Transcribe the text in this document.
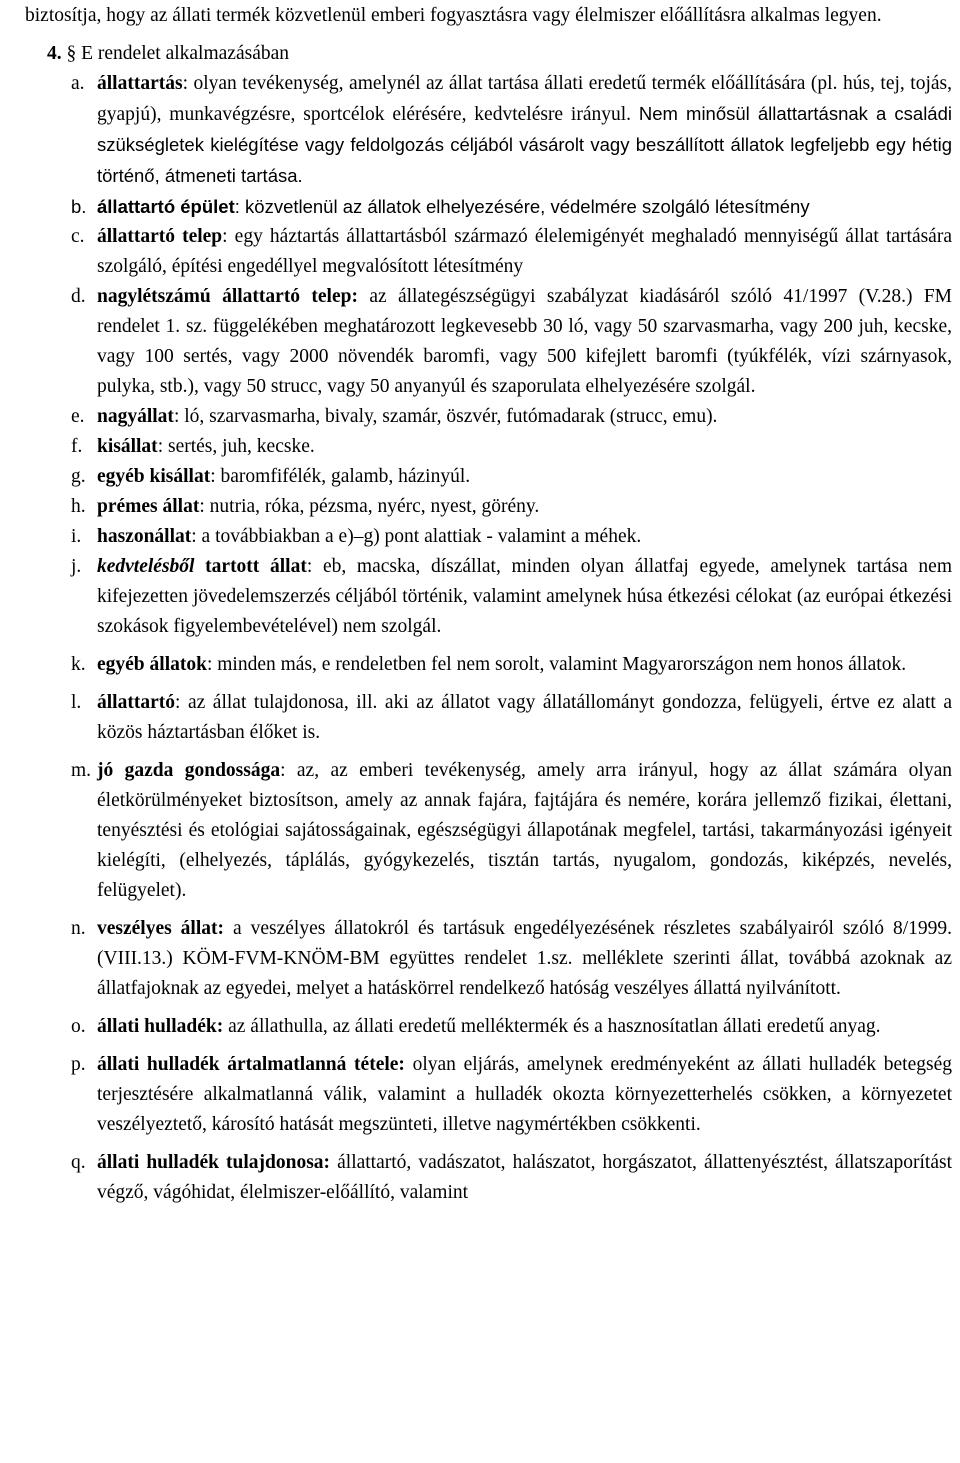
biztosítja, hogy az állati termék közvetlenül emberi fogyasztásra vagy élelmiszer előállításra alkalmas legyen.

4. § E rendelet alkalmazásában

a. állattartás: olyan tevékenység, amelynél az állat tartása állati eredetű termék előállítására (pl. hús, tej, tojás, gyapjú), munkavégzésre, sportcélok elérésére, kedvtelésre irányul. Nem minősül állattartásnak a családi szükségletek kielégítése vagy feldolgozás céljából vásárolt vagy beszállított állatok legfeljebb egy hétig történő, átmeneti tartása.
b. állattartó épület: közvetlenül az állatok elhelyezésére, védelmére szolgáló létesítmény
c. állattartó telep: egy háztartás állattartásból származó élelemigényét meghaladó mennyiségű állat tartására szolgáló, építési engedéllyel megvalósított létesítmény
d. nagylétszámú állattartó telep: az állategészségügyi szabályzat kiadásáról szóló 41/1997 (V.28.) FM rendelet 1. sz. függelékében meghatározott legkevesebb 30 ló, vagy 50 szarvasmarha, vagy 200 juh, kecske, vagy 100 sertés, vagy 2000 növendék baromfi, vagy 500 kifejlett baromfi (tyúkfélék, vízi szárnyasok, pulyka, stb.), vagy 50 strucc, vagy 50 anyanyúl és szaporulata elhelyezésére szolgál.
e. nagyállat: ló, szarvasmarha, bivaly, szamár, öszvér, futómadarak (strucc, emu).
f. kisállat: sertés, juh, kecske.
g. egyéb kisállat: baromfifélék, galamb, házinyúl.
h. prémes állat: nutria, róka, pézsma, nyérc, nyest, görény.
i. haszonállat: a továbbiakban a e)–g) pont alattiak - valamint a méhek.
j. kedvtelésből tartott állat: eb, macska, díszállat, minden olyan állatfaj egyede, amelynek tartása nem kifejezetten jövedelemszerzés céljából történik, valamint amelynek húsa étkezési célokat (az európai étkezési szokások figyelembevételével) nem szolgál.
k. egyéb állatok: minden más, e rendeletben fel nem sorolt, valamint Magyarországon nem honos állatok.
l. állattartó: az állat tulajdonosa, ill. aki az állatot vagy állatállományt gondozza, felügyeli, értve ez alatt a közös háztartásban élőket is.
m. jó gazda gondossága: az, az emberi tevékenység, amely arra irányul, hogy az állat számára olyan életkörülményeket biztosítson, amely az annak fajára, fajtájára és nemére, korára jellemző fizikai, élettani, tenyésztési és etológiai sajátosságainak, egészségügyi állapotának megfelel, tartási, takarmányozási igényeit kielégíti, (elhelyezés, táplálás, gyógykezelés, tisztán tartás, nyugalom, gondozás, kiképzés, nevelés, felügyelet).
n. veszélyes állat: a veszélyes állatokról és tartásuk engedélyezésének részletes szabályairól szóló 8/1999.(VIII.13.) KÖM-FVM-KNÖM-BM együttes rendelet 1.sz. melléklete szerinti állat, továbbá azoknak az állatfajoknak az egyedei, melyet a hatáskörrel rendelkező hatóság veszélyes állattá nyilvánított.
o. állati hulladék: az állathulla, az állati eredetű melléktermék és a hasznosítatlan állati eredetű anyag.
p. állati hulladék ártalmatlanná tétele: olyan eljárás, amelynek eredményeként az állati hulladék betegség terjesztésére alkalmatlanná válik, valamint a hulladék okozta környezetterhelés csökken, a környezetet veszélyeztető, károsító hatását megszünteti, illetve nagymértékben csökkenti.
q. állati hulladék tulajdonosa: állattartó, vadászatot, halászatot, horgászatot, állattenyésztést, állatszaporítást végző, vágóhidat, élelmiszer-előállító, valamint
